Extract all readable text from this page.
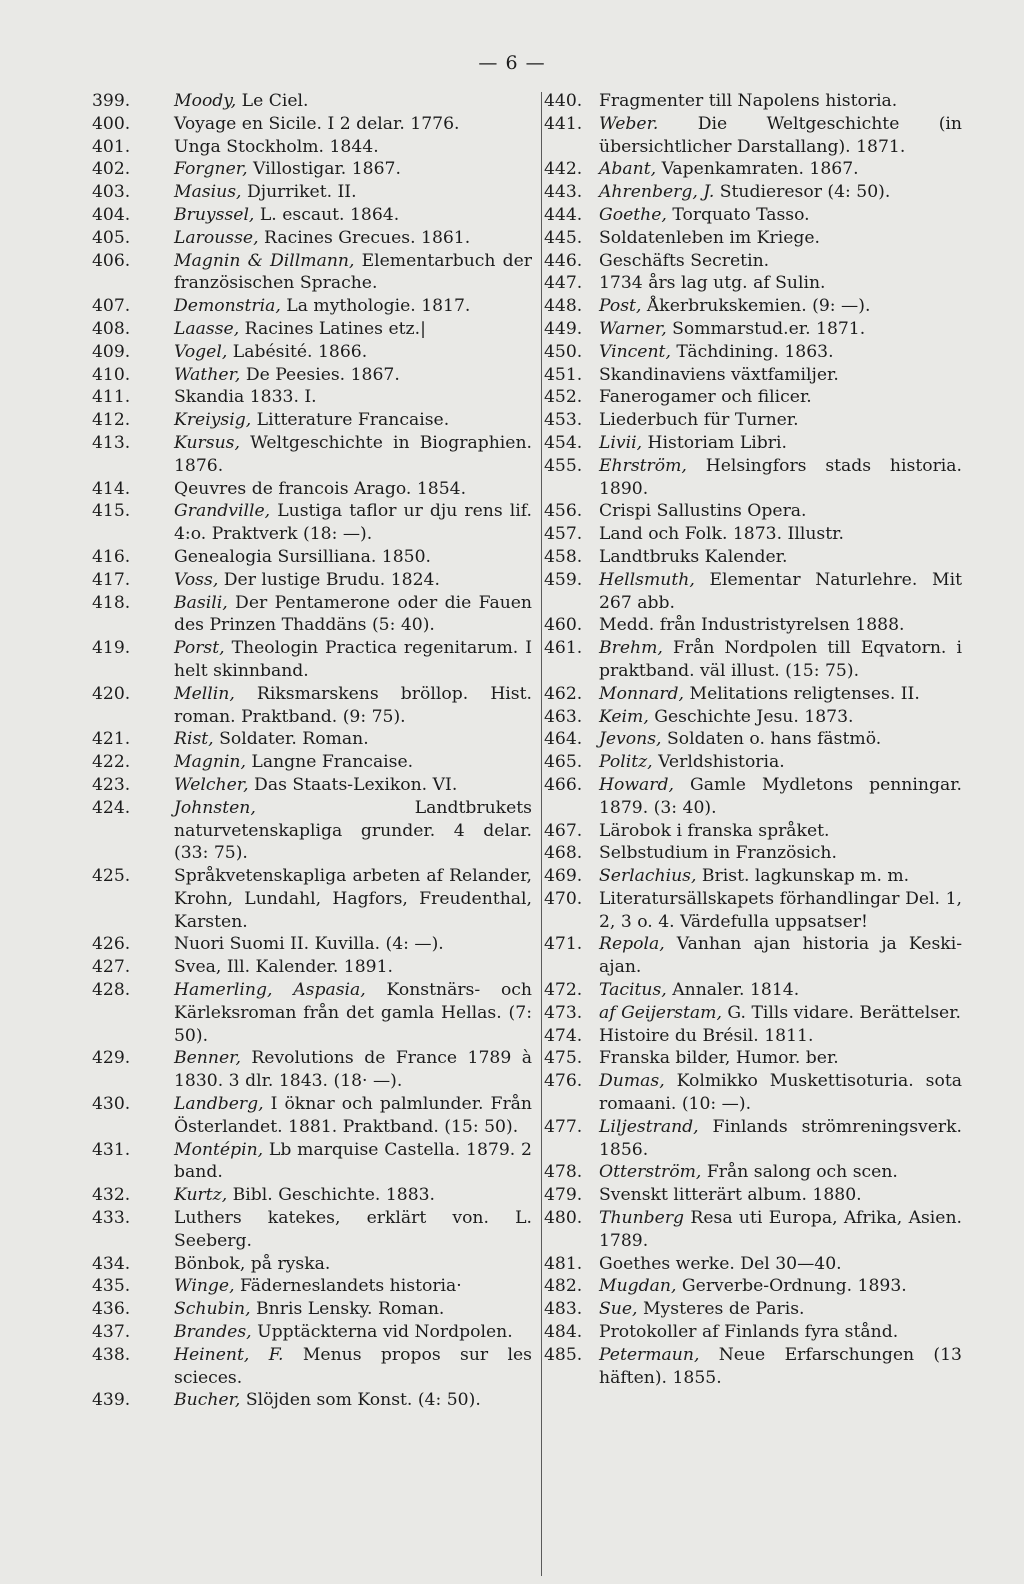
— 6 —

399.	Moody, Le Ciel.

400.	Voyage en Sicile. I 2 delar. 1776.

401.	Unga Stockholm. 1844.

402.	Forgner, Villostigar. 1867.

403.	Masius, Djurriket. II.

404.	Bruyssel, L. escaut. 1864.

405.	Larousse, Racines Grecues. 1861.

406.	Magnin & Dillmann, Elementarbuch der französischen Sprache.

407.	Demonstria, La mythologie. 1817.

408.	Laasse, Racines Latines etz.|

409.	Vogel, Labésité. 1866.

410.	Wather, De Peesies. 1867.

411.	Skandia 1833. I.

412.	Kreiysig, Litterature Francaise.

413.	Kursus, Weltgeschichte in Biographien. 1876.

414.	Qeuvres de francois Arago. 1854.

415.	Grandville, Lustiga taflor ur dju rens lif. 4:o. Praktverk (18: —).

416.	Genealogia Sursilliana. 1850.

417.	Voss, Der lustige Brudu. 1824.

418.	Basili, Der Pentamerone oder die Fauen des Prinzen Thaddäns (5: 40).

419.	Porst, Theologin Practica regenitarum. I helt skinnband.

420.	Mellin, Riksmarskens bröllop. Hist. roman. Praktband. (9: 75).

421.	Rist, Soldater. Roman.

422.	Magnin, Langne Francaise.

423.	Welcher, Das Staats-Lexikon. VI.

424.	Johnsten, Landtbrukets naturvetenskapliga grunder. 4 delar. (33: 75).

425.	Språkvetenskapliga arbeten af Relander, Krohn, Lundahl, Hagfors, Freudenthal, Karsten.

426.	Nuori Suomi II. Kuvilla. (4: —).

427.	Svea, Ill. Kalender. 1891.

428.	Hamerling, Aspasia, Konstnärs- och Kärleksroman från det gamla Hellas. (7: 50).

429.	Benner, Revolutions de France 1789 à 1830. 3 dlr. 1843. (18· —).

430.	Landberg, I öknar och palmlunder. Från Österlandet. 1881. Praktband. (15: 50).

431.	Montépin, Lb marquise Castella. 1879. 2 band.

432.	Kurtz, Bibl. Geschichte. 1883.

433.	Luthers katekes, erklärt von. L. Seeberg.

434.	Bönbok, på ryska.

435.	Winge, Fäderneslandets historia·

436.	Schubin, Bnris Lensky. Roman.

437.	Brandes, Upptäckterna vid Nordpolen.

438.	Heinent, F. Menus propos sur les scieces.

439.	Bucher, Slöjden som Konst. (4: 50).

440. Fragmenter till Napolens historia.

441. Weber. Die Weltgeschichte (in übersichtlicher Darstallang). 1871.

442. Abant, Vapenkamraten. 1867.

443. Ahrenberg, J. Studieresor (4: 50).

444. Goethe, Torquato Tasso.

445. Soldatenleben im Kriege.

446. Geschäfts Secretin.

447. 1734 års lag utg. af Sulin.

448. Post, Åkerbrukskemien. (9: —).

449. Warner, Sommarstud.er. 1871.

450. Vincent, Tächdining. 1863.

451. Skandinaviens växtfamiljer.

452. Fanerogamer och filicer.

453. Liederbuch für Turner.

454. Livii, Historiam Libri.

455. Ehrström, Helsingfors stads historia. 1890.

456. Crispi Sallustins Opera.

457. Land och Folk. 1873. Illustr.

458. Landtbruks Kalender.

459. Hellsmuth, Elementar Naturlehre. Mit 267 abb.

460. Medd. från Industristyrelsen 1888.

461. Brehm, Från Nordpolen till Eqvatorn. i praktband. väl illust. (15: 75).

462. Monnard, Melitations religtenses. II.

463. Keim, Geschichte Jesu. 1873.

464. Jevons, Soldaten o. hans fästmö.

465. Politz, Verldshistoria.

466. Howard, Gamle Mydletons penningar. 1879. (3: 40).

467. Lärobok i franska språket.

468. Selbstudium in Französich.

469. Serlachius, Brist. lagkunskap m. m.

470. Literatursällskapets förhandlingar Del. 1, 2, 3 o. 4. Värdefulla uppsatser!

471. Repola, Vanhan ajan historia ja Keski-ajan.

472. Tacitus, Annaler. 1814.

473. af Geijerstam, G. Tills vidare. Berättelser.

474. Histoire du Brésil. 1811.

475. Franska bilder, Humor. ber.

476. Dumas, Kolmikko Muskettisoturia. sota romaani. (10: —).

477. Liljestrand, Finlands strömreningsverk. 1856.

478. Otterström, Från salong och scen.

479. Svenskt litterärt album. 1880.

480. Thunberg Resa uti Europa, Afrika, Asien. 1789.

481. Goethes werke. Del 30—40.

482. Mugdan, Gerverbe-Ordnung. 1893.

483. Sue, Mysteres de Paris.

484. Protokoller af Finlands fyra stånd.

485. Petermaun, Neue Erfarschungen (13 häften). 1855.
